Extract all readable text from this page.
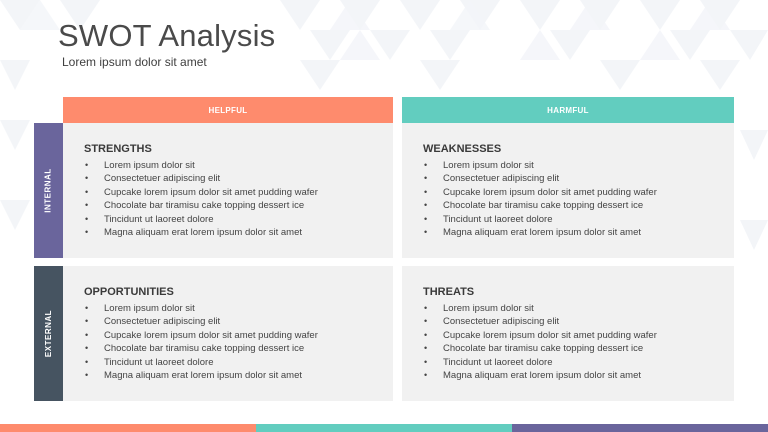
SWOT Analysis
Lorem ipsum dolor sit amet
HELPFUL	HARMFUL
INTERNAL
EXTERNAL
STRENGTHS
• Lorem ipsum dolor sit
• Consectetuer adipiscing elit
• Cupcake lorem ipsum dolor sit amet pudding wafer
• Chocolate bar tiramisu cake topping dessert ice
• Tincidunt ut laoreet dolore
• Magna aliquam erat lorem ipsum dolor sit amet
WEAKNESSES
• Lorem ipsum dolor sit
• Consectetuer adipiscing elit
• Cupcake lorem ipsum dolor sit amet pudding wafer
• Chocolate bar tiramisu cake topping dessert ice
• Tincidunt ut laoreet dolore
• Magna aliquam erat lorem ipsum dolor sit amet
OPPORTUNITIES
• Lorem ipsum dolor sit
• Consectetuer adipiscing elit
• Cupcake lorem ipsum dolor sit amet pudding wafer
• Chocolate bar tiramisu cake topping dessert ice
• Tincidunt ut laoreet dolore
• Magna aliquam erat lorem ipsum dolor sit amet
THREATS
• Lorem ipsum dolor sit
• Consectetuer adipiscing elit
• Cupcake lorem ipsum dolor sit amet pudding wafer
• Chocolate bar tiramisu cake topping dessert ice
• Tincidunt ut laoreet dolore
• Magna aliquam erat lorem ipsum dolor sit amet
